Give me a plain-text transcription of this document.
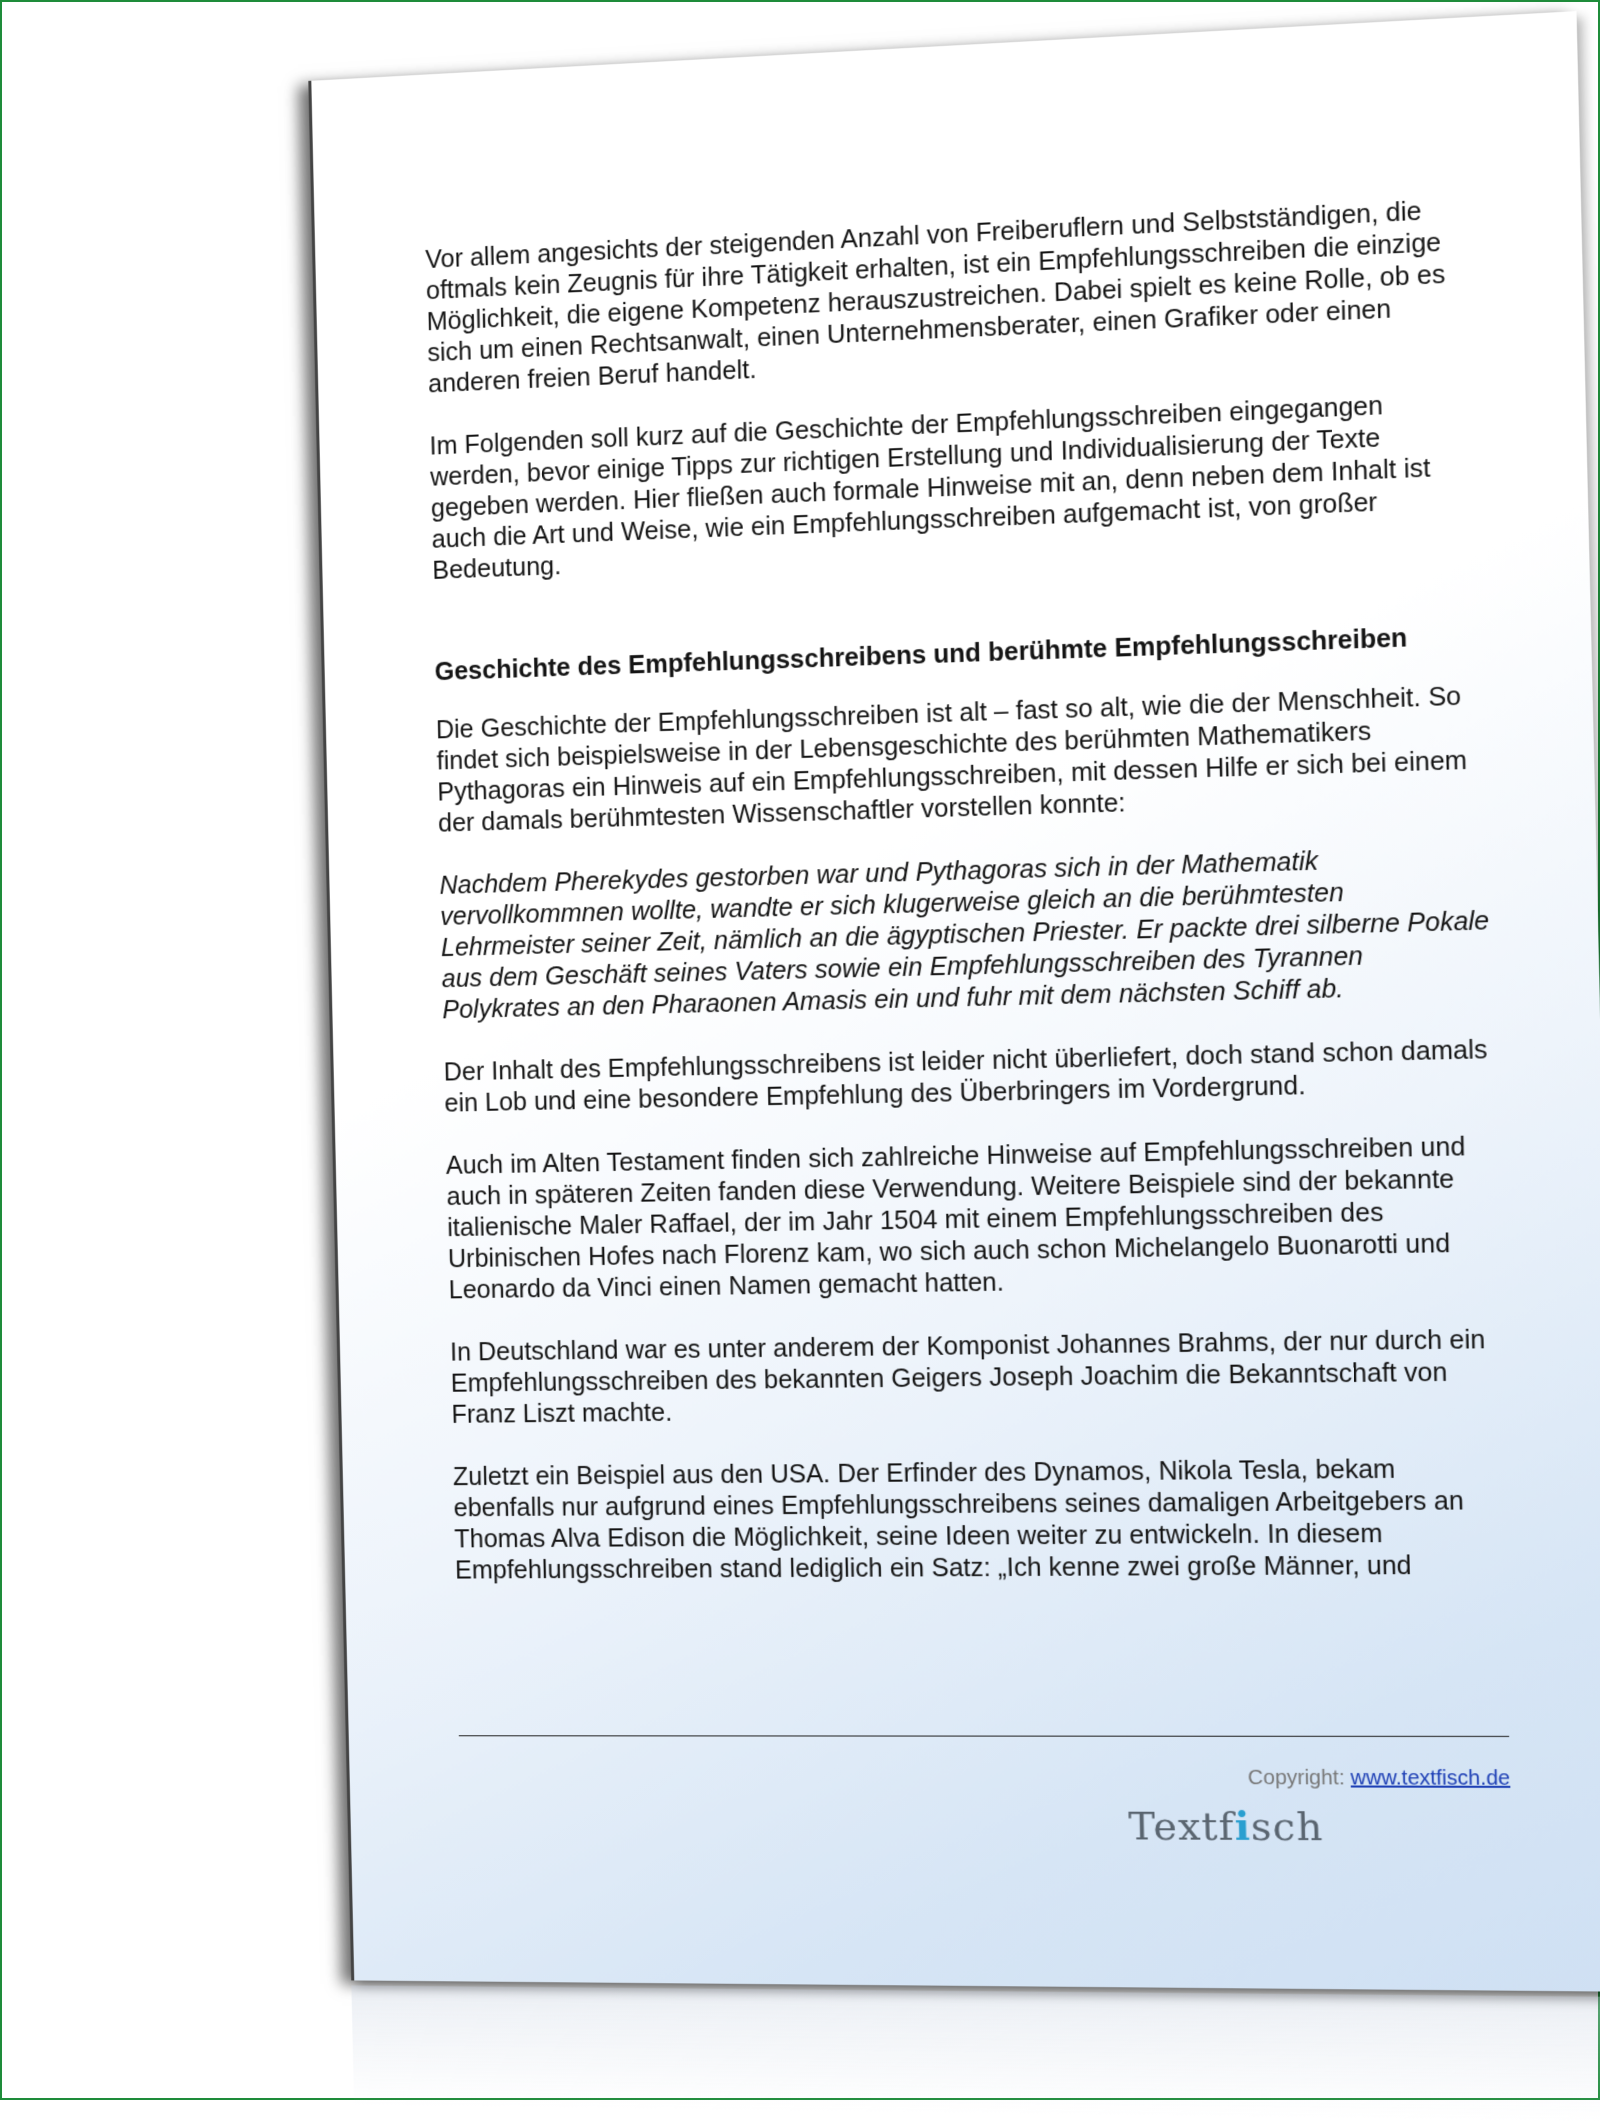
Vor allem angesichts der steigenden Anzahl von Freiberuflern und Selbstständigen, die oftmals kein Zeugnis für ihre Tätigkeit erhalten, ist ein Empfehlungsschreiben die einzige Möglichkeit, die eigene Kompetenz herauszustreichen. Dabei spielt es keine Rolle, ob es sich um einen Rechtsanwalt, einen Unternehmensberater, einen Grafiker oder einen anderen freien Beruf handelt.

Im Folgenden soll kurz auf die Geschichte der Empfehlungsschreiben eingegangen werden, bevor einige Tipps zur richtigen Erstellung und Individualisierung der Texte gegeben werden. Hier fließen auch formale Hinweise mit an, denn neben dem Inhalt ist auch die Art und Weise, wie ein Empfehlungsschreiben aufgemacht ist, von großer Bedeutung.

Geschichte des Empfehlungsschreibens und berühmte Empfehlungsschreiben

Die Geschichte der Empfehlungsschreiben ist alt – fast so alt, wie die der Menschheit. So findet sich beispielsweise in der Lebensgeschichte des berühmten Mathematikers Pythagoras ein Hinweis auf ein Empfehlungsschreiben, mit dessen Hilfe er sich bei einem der damals berühmtesten Wissenschaftler vorstellen konnte:

Nachdem Pherekydes gestorben war und Pythagoras sich in der Mathematik vervollkommnen wollte, wandte er sich klugerweise gleich an die berühmtesten Lehrmeister seiner Zeit, nämlich an die ägyptischen Priester. Er packte drei silberne Pokale aus dem Geschäft seines Vaters sowie ein Empfehlungsschreiben des Tyrannen Polykrates an den Pharaonen Amasis ein und fuhr mit dem nächsten Schiff ab.

Der Inhalt des Empfehlungsschreibens ist leider nicht überliefert, doch stand schon damals ein Lob und eine besondere Empfehlung des Überbringers im Vordergrund.

Auch im Alten Testament finden sich zahlreiche Hinweise auf Empfehlungsschreiben und auch in späteren Zeiten fanden diese Verwendung. Weitere Beispiele sind der bekannte italienische Maler Raffael, der im Jahr 1504 mit einem Empfehlungsschreiben des Urbinischen Hofes nach Florenz kam, wo sich auch schon Michelangelo Buonarotti und Leonardo da Vinci einen Namen gemacht hatten.

In Deutschland war es unter anderem der Komponist Johannes Brahms, der nur durch ein Empfehlungsschreiben des bekannten Geigers Joseph Joachim die Bekanntschaft von Franz Liszt machte.

Zuletzt ein Beispiel aus den USA. Der Erfinder des Dynamos, Nikola Tesla, bekam ebenfalls nur aufgrund eines Empfehlungsschreibens seines damaligen Arbeitgebers an Thomas Alva Edison die Möglichkeit, seine Ideen weiter zu entwickeln. In diesem Empfehlungsschreiben stand lediglich ein Satz: „Ich kenne zwei große Männer, und

Copyright: www.textfisch.de
Textfisch
